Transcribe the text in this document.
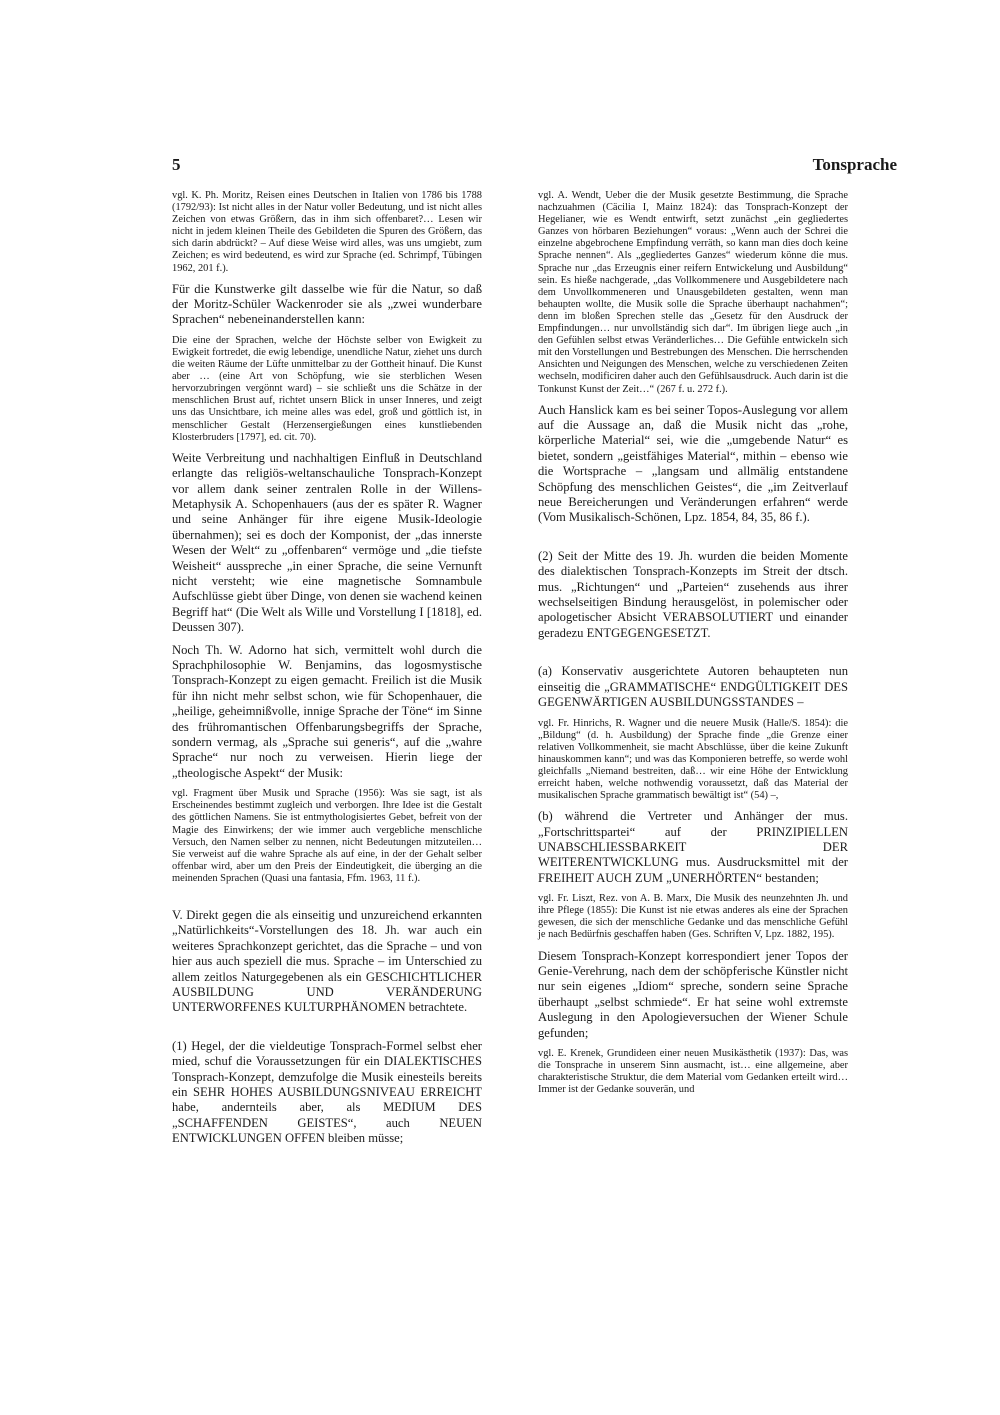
5	Tonsprache

vgl. K. Ph. Moritz, Reisen eines Deutschen in Italien von 1786 bis 1788 (1792/93): Ist nicht alles in der Natur voller Bedeutung, und ist nicht alles Zeichen von etwas Größern, das in ihm sich offenbaret?… Lesen wir nicht in jedem kleinen Theile des Gebildeten die Spuren des Größern, das sich darin abdrückt? – Auf diese Weise wird alles, was uns umgiebt, zum Zeichen; es wird bedeutend, es wird zur Sprache (ed. Schrimpf, Tübingen 1962, 201 f.).

Für die Kunstwerke gilt dasselbe wie für die Natur, so daß der Moritz-Schüler Wackenroder sie als „zwei wunderbare Sprachen“ nebeneinanderstellen kann:

Die eine der Sprachen, welche der Höchste selber von Ewigkeit zu Ewigkeit fortredet, die ewig lebendige, unendliche Natur, ziehet uns durch die weiten Räume der Lüfte unmittelbar zu der Gottheit hinauf. Die Kunst aber … (eine Art von Schöpfung, wie sie sterblichen Wesen hervorzubringen vergönnt ward) – sie schließt uns die Schätze in der menschlichen Brust auf, richtet unsern Blick in unser Inneres, und zeigt uns das Unsichtbare, ich meine alles was edel, groß und göttlich ist, in menschlicher Gestalt (Herzensergießungen eines kunstliebenden Klosterbruders [1797], ed. cit. 70).

Weite Verbreitung und nachhaltigen Einfluß in Deutschland erlangte das religiös-weltanschauliche Tonsprach-Konzept vor allem dank seiner zentralen Rolle in der Willens-Metaphysik A. Schopenhauers (aus der es später R. Wagner und seine Anhänger für ihre eigene Musik-Ideologie übernahmen); sei es doch der Komponist, der „das innerste Wesen der Welt“ zu „offenbaren“ vermöge und „die tiefste Weisheit“ ausspreche „in einer Sprache, die seine Vernunft nicht versteht; wie eine magnetische Somnambule Aufschlüsse giebt über Dinge, von denen sie wachend keinen Begriff hat“ (Die Welt als Wille und Vorstellung I [1818], ed. Deussen 307).

Noch Th. W. Adorno hat sich, vermittelt wohl durch die Sprachphilosophie W. Benjamins, das logosmystische Tonsprach-Konzept zu eigen gemacht. Freilich ist die Musik für ihn nicht mehr selbst schon, wie für Schopenhauer, die „heilige, geheimnißvolle, innige Sprache der Töne“ im Sinne des frühromantischen Offenbarungsbegriffs der Sprache, sondern vermag, als „Sprache sui generis“, auf die „wahre Sprache“ nur noch zu verweisen. Hierin liege der „theologische Aspekt“ der Musik:

vgl. Fragment über Musik und Sprache (1956): Was sie sagt, ist als Erscheinendes bestimmt zugleich und verborgen. Ihre Idee ist die Gestalt des göttlichen Namens. Sie ist entmythologisiertes Gebet, befreit von der Magie des Einwirkens; der wie immer auch vergebliche menschliche Versuch, den Namen selber zu nennen, nicht Bedeutungen mitzuteilen… Sie verweist auf die wahre Sprache als auf eine, in der der Gehalt selber offenbar wird, aber um den Preis der Eindeutigkeit, die überging an die meinenden Sprachen (Quasi una fantasia, Ffm. 1963, 11 f.).

V. Direkt gegen die als einseitig und unzureichend erkannten „Natürlichkeits“-Vorstellungen des 18. Jh. war auch ein weiteres Sprachkonzept gerichtet, das die Sprache – und von hier aus auch speziell die mus. Sprache – im Unterschied zu allem zeitlos Naturgegebenen als ein GESCHICHTLICHER AUSBILDUNG UND VERÄNDERUNG UNTERWORFENES KULTURPHÄNOMEN betrachtete.

(1) Hegel, der die vieldeutige Tonsprach-Formel selbst eher mied, schuf die Voraussetzungen für ein DIALEKTISCHES Tonsprach-Konzept, demzufolge die Musik einesteils bereits ein SEHR HOHES AUSBILDUNGSNIVEAU ERREICHT habe, andernteils aber, als MEDIUM DES „SCHAFFENDEN GEISTES“, auch NEUEN ENTWICKLUNGEN OFFEN bleiben müsse;

vgl. A. Wendt, Ueber die der Musik gesetzte Bestimmung, die Sprache nachzuahmen (Cäcilia I, Mainz 1824): das Tonsprach-Konzept der Hegelianer, wie es Wendt entwirft, setzt zunächst „ein gegliedertes Ganzes von hörbaren Beziehungen“ voraus: „Wenn auch der Schrei die einzelne abgebrochene Empfindung verräth, so kann man dies doch keine Sprache nennen“. Als „gegliedertes Ganzes“ wiederum könne die mus. Sprache nur „das Erzeugnis einer reifern Entwickelung und Ausbildung“ sein. Es hieße nachgerade, „das Vollkommenere und Ausgebildetere nach dem Unvollkommeneren und Unausgebildeten gestalten, wenn man behaupten wollte, die Musik solle die Sprache überhaupt nachahmen“; denn im bloßen Sprechen stelle das „Gesetz für den Ausdruck der Empfindungen… nur unvollständig sich dar“. Im übrigen liege auch „in den Gefühlen selbst etwas Veränderliches… Die Gefühle entwickeln sich mit den Vorstellungen und Bestrebungen des Menschen. Die herrschenden Ansichten und Neigungen des Menschen, welche zu verschiedenen Zeiten wechseln, modificiren daher auch den Gefühlsausdruck. Auch darin ist die Tonkunst Kunst der Zeit…“ (267 f. u. 272 f.).

Auch Hanslick kam es bei seiner Topos-Auslegung vor allem auf die Aussage an, daß die Musik nicht das „rohe, körperliche Material“ sei, wie die „umgebende Natur“ es bietet, sondern „geistfähiges Material“, mithin – ebenso wie die Wortsprache – „langsam und allmälig entstandene Schöpfung des menschlichen Geistes“, die „im Zeitverlauf neue Bereicherungen und Veränderungen erfahren“ werde (Vom Musikalisch-Schönen, Lpz. 1854, 84, 35, 86 f.).

(2) Seit der Mitte des 19. Jh. wurden die beiden Momente des dialektischen Tonsprach-Konzepts im Streit der dtsch. mus. „Richtungen“ und „Parteien“ zusehends aus ihrer wechselseitigen Bindung herausgelöst, in polemischer oder apologetischer Absicht VERABSOLUTIERT und einander geradezu ENTGEGENGESETZT.

(a) Konservativ ausgerichtete Autoren behaupteten nun einseitig die „GRAMMATISCHE“ ENDGÜLTIGKEIT DES GEGENWÄRTIGEN AUSBILDUNGSSTANDES –

vgl. Fr. Hinrichs, R. Wagner und die neuere Musik (Halle/S. 1854): die „Bildung“ (d. h. Ausbildung) der Sprache finde „die Grenze einer relativen Vollkommenheit, sie macht Abschlüsse, über die keine Zukunft hinauskommen kann“; und was das Komponieren betreffe, so werde wohl gleichfalls „Niemand bestreiten, daß… wir eine Höhe der Entwicklung erreicht haben, welche nothwendig voraussetzt, daß das Material der musikalischen Sprache grammatisch bewältigt ist“ (54) –,

(b) während die Vertreter und Anhänger der mus. „Fortschrittspartei“ auf der PRINZIPIELLEN UNABSCHLIESSBARKEIT DER WEITERENTWICKLUNG mus. Ausdrucksmittel mit der FREIHEIT AUCH ZUM „UNERHÖRTEN“ bestanden;

vgl. Fr. Liszt, Rez. von A. B. Marx, Die Musik des neunzehnten Jh. und ihre Pflege (1855): Die Kunst ist nie etwas anderes als eine der Sprachen gewesen, die sich der menschliche Gedanke und das menschliche Gefühl je nach Bedürfnis geschaffen haben (Ges. Schriften V, Lpz. 1882, 195).

Diesem Tonsprach-Konzept korrespondiert jener Topos der Genie-Verehrung, nach dem der schöpferische Künstler nicht nur sein eigenes „Idiom“ spreche, sondern seine Sprache überhaupt „selbst schmiede“. Er hat seine wohl extremste Auslegung in den Apologieversuchen der Wiener Schule gefunden;

vgl. E. Krenek, Grundideen einer neuen Musikästhetik (1937): Das, was die Tonsprache in unserem Sinn ausmacht, ist… eine allgemeine, aber charakteristische Struktur, die dem Material vom Gedanken erteilt wird… Immer ist der Gedanke souverän, und
